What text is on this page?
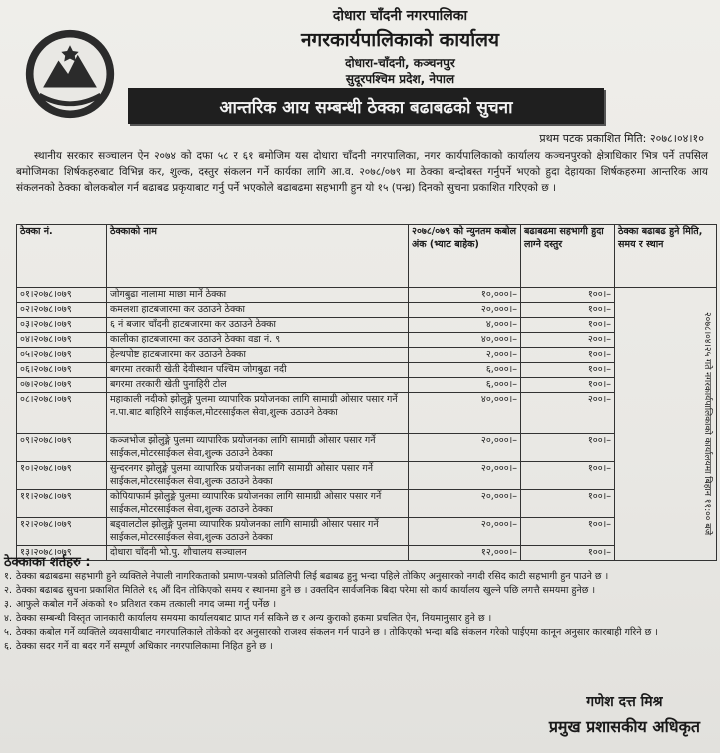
दोधारा चाँदनी नगरपालिका
नगरकार्यपालिकाको कार्यालय
दोधारा-चाँदनी, कञ्चनपुर
सुदूरपश्चिम प्रदेश, नेपाल
आन्तरिक आय सम्बन्धी ठेक्का बढाबढको सुचना
प्रथम पटक प्रकाशित मिति: २०७८।०४।१०
स्थानीय सरकार सञ्चालन ऐन २०७४ को दफा ५८ र ६१ बमोजिम यस दोधारा चाँदनी नगरपालिका, नगर कार्यपालिकाको कार्यालय कञ्चनपुरको क्षेत्राधिकार भित्र पर्ने तपसिल बमोजिमका शिर्षकहरुबाट विभिन्न कर, शुल्क, दस्तुर संकलन गर्ने कार्यका लागि आ.व. २०७८/०७९ मा ठेक्का बन्दोबस्त गर्नुपर्ने भएको हुदा देहायका शिर्षकहरुमा आन्तरिक आय संकलनको ठेक्का बोलकबोल गर्न बढाबढ प्रकृयाबाट गर्नु पर्ने भएकोले बढाबढमा सहभागी हुन यो १५ (पन्ध्र) दिनको सुचना प्रकाशित गरिएको छ ।
ठेक्का नं.	ठेक्काको नाम	२०७८/०७९ को न्युनतम कबोल अंक (भ्याट बाहेक)	बढाबढमा सहभागी हुदा लाग्ने दस्तुर	ठेक्का बढाबढ हुने मिति, समय र स्थान
०१।२०७८।०७९	जोगबुढा नालामा माछा मार्ने ठेक्का	१०,०००।–	१००।–	२०७८।०४।२५ गते नगरकार्यपालिकाको कार्यालयमा बिहान ११:०० बजे
०२।२०७८।०७९	कमलशा हाटबजारमा कर उठाउने ठेक्का	२०,०००।–	१००।–	
०३।२०७८।०७९	६ नं बजार चाँदनी हाटबजारमा कर उठाउने ठेक्का	४,०००।–	१००।–	
०४।२०७८।०७९	कालीका हाटबजारमा कर उठाउने ठेक्का वडा नं. ९	४०,०००।–	२००।–	
०५।२०७८।०७९	हेल्थपोष्ट हाटबजारमा कर उठाउने ठेक्का	२,०००।–	१००।–	
०६।२०७८।०७९	बगरमा तरकारी खेती देवीस्थान पश्चिम जोगबुढा नदी	६,०००।–	१००।–	
०७।२०७८।०७९	बगरमा तरकारी खेती पुनाहिरी टोल	६,०००।–	१००।–	
०८।२०७८।०७९	महाकाली नदीको झोलुङ्गे पुलमा व्यापारिक प्रयोजनका लागि सामाग्री ओसार पसार गर्ने न.पा.बाट बाहिरिने साईकल,मोटरसाईकल सेवा,शुल्क उठाउने ठेक्का	४०,०००।–	२००।–	
०९।२०७८।०७९	कञ्जभोज झोलुङ्गे पुलमा व्यापारिक प्रयोजनका लागि सामाग्री ओसार पसार गर्ने साईकल,मोटरसाईकल सेवा,शुल्क उठाउने ठेक्का	२०,०००।–	१००।–	
१०।२०७८।०७९	सुन्दरनगर झोलुङ्गे पुलमा व्यापारिक प्रयोजनका लागि सामाग्री ओसार पसार गर्ने साईकल,मोटरसाईकल सेवा,शुल्क उठाउने ठेक्का	२०,०००।–	१००।–	
११।२०७८।०७९	कोपियाफार्म झोलुङ्गे पुलमा व्यापारिक प्रयोजनका लागि सामाग्री ओसार पसार गर्ने साईकल,मोटरसाईकल सेवा,शुल्क उठाउने ठेक्का	२०,०००।–	१००।–	
१२।२०७८।०७९	बड्वालटोल झोलुङ्गे पुलमा व्यापारिक प्रयोजनका लागि सामाग्री ओसार पसार गर्ने साईकल,मोटरसाईकल सेवा,शुल्क उठाउने ठेक्का	२०,०००।–	१००।–	
१३।२०७८।०७९	दोधारा चाँदनी भो.पु. शौचालय सञ्चालन	१२,०००।–	१००।–	
ठेक्काका शर्तहरु :
१. ठेक्का बढाबढमा सहभागी हुने व्यक्तिले नेपाली नागरिकताको प्रमाण-पत्रको प्रतिलिपी लिई बढाबढ हुनु भन्दा पहिले तोकिए अनुसारको नगदी रसिद काटी सहभागी हुन पाउने छ ।
२. ठेक्का बढाबढ सुचना प्रकाशित मितिले १६ औं दिन तोकिएको समय र स्थानमा हुने छ । उक्तदिन सार्वजनिक बिदा परेमा सो कार्य कार्यालय खुल्ने पछि लगत्तै समयमा हुनेछ ।
३. आफुले कबोल गर्ने अंकको १० प्रतिशत रकम तत्काली नगद जम्मा गर्नु पर्नेछ ।
४. ठेक्का सम्बन्धी विस्तृत जानकारी कार्यालय समयमा कार्यालयबाट प्राप्त गर्न सकिने छ र अन्य कुराको हकमा प्रचलित ऐन, नियमानुसार हुने छ ।
५. ठेक्का कबोल गर्ने व्यक्तिले व्यवसायीबाट नगरपालिकाले तोकेको दर अनुसारको राजश्व संकलन गर्न पाउने छ । तोकिएको भन्दा बढि संकलन गरेको पाईएमा कानून अनुसार कारबाही गरिने छ ।
६. ठेक्का सदर गर्ने वा बदर गर्ने सम्पूर्ण अधिकार नगरपालिकामा निहित हुने छ ।
गणेश दत्त मिश्र
प्रमुख प्रशासकीय अधिकृत
